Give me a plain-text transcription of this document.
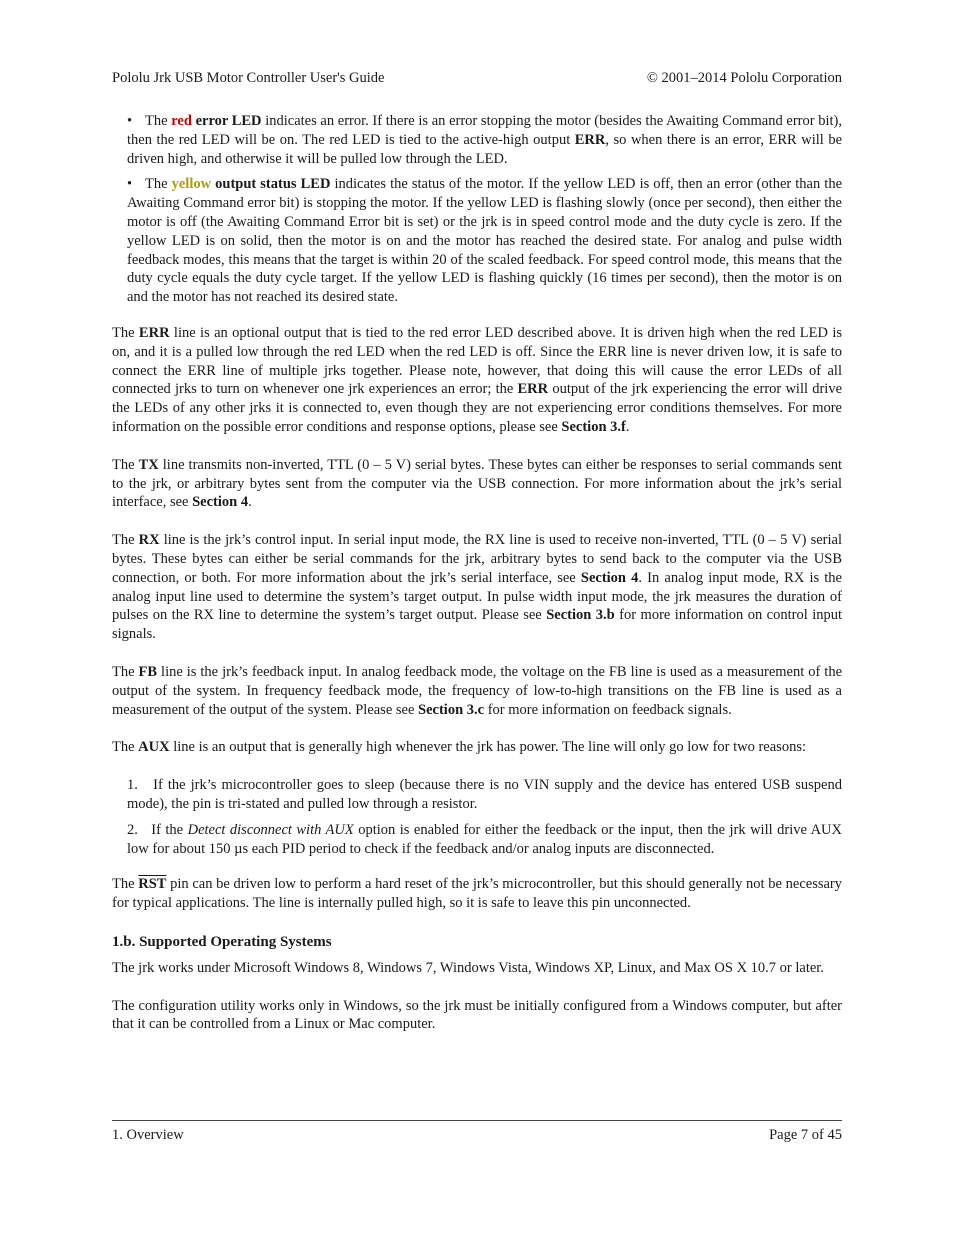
Pololu Jrk USB Motor Controller User's Guide	© 2001–2014 Pololu Corporation

• The red error LED indicates an error. If there is an error stopping the motor (besides the Awaiting Command error bit), then the red LED will be on. The red LED is tied to the active-high output ERR, so when there is an error, ERR will be driven high, and otherwise it will be pulled low through the LED.

• The yellow output status LED indicates the status of the motor. If the yellow LED is off, then an error (other than the Awaiting Command error bit) is stopping the motor. If the yellow LED is flashing slowly (once per second), then either the motor is off (the Awaiting Command Error bit is set) or the jrk is in speed control mode and the duty cycle is zero. If the yellow LED is on solid, then the motor is on and the motor has reached the desired state. For analog and pulse width feedback modes, this means that the target is within 20 of the scaled feedback. For speed control mode, this means that the duty cycle equals the duty cycle target. If the yellow LED is flashing quickly (16 times per second), then the motor is on and the motor has not reached its desired state.

The ERR line is an optional output that is tied to the red error LED described above. It is driven high when the red LED is on, and it is a pulled low through the red LED when the red LED is off. Since the ERR line is never driven low, it is safe to connect the ERR line of multiple jrks together. Please note, however, that doing this will cause the error LEDs of all connected jrks to turn on whenever one jrk experiences an error; the ERR output of the jrk experiencing the error will drive the LEDs of any other jrks it is connected to, even though they are not experiencing error conditions themselves. For more information on the possible error conditions and response options, please see Section 3.f.

The TX line transmits non-inverted, TTL (0 – 5 V) serial bytes. These bytes can either be responses to serial commands sent to the jrk, or arbitrary bytes sent from the computer via the USB connection. For more information about the jrk’s serial interface, see Section 4.

The RX line is the jrk’s control input. In serial input mode, the RX line is used to receive non-inverted, TTL (0 – 5 V) serial bytes. These bytes can either be serial commands for the jrk, arbitrary bytes to send back to the computer via the USB connection, or both. For more information about the jrk’s serial interface, see Section 4. In analog input mode, RX is the analog input line used to determine the system’s target output. In pulse width input mode, the jrk measures the duration of pulses on the RX line to determine the system’s target output. Please see Section 3.b for more information on control input signals.

The FB line is the jrk’s feedback input. In analog feedback mode, the voltage on the FB line is used as a measurement of the output of the system. In frequency feedback mode, the frequency of low-to-high transitions on the FB line is used as a measurement of the output of the system. Please see Section 3.c for more information on feedback signals.

The AUX line is an output that is generally high whenever the jrk has power. The line will only go low for two reasons:

1. If the jrk’s microcontroller goes to sleep (because there is no VIN supply and the device has entered USB suspend mode), the pin is tri-stated and pulled low through a resistor.

2. If the Detect disconnect with AUX option is enabled for either the feedback or the input, then the jrk will drive AUX low for about 150 µs each PID period to check if the feedback and/or analog inputs are disconnected.

The $\overline{RST}$ pin can be driven low to perform a hard reset of the jrk’s microcontroller, but this should generally not be necessary for typical applications. The line is internally pulled high, so it is safe to leave this pin unconnected.

1.b. Supported Operating Systems

The jrk works under Microsoft Windows 8, Windows 7, Windows Vista, Windows XP, Linux, and Max OS X 10.7 or later.

The configuration utility works only in Windows, so the jrk must be initially configured from a Windows computer, but after that it can be controlled from a Linux or Mac computer.

1. Overview	Page 7 of 45
